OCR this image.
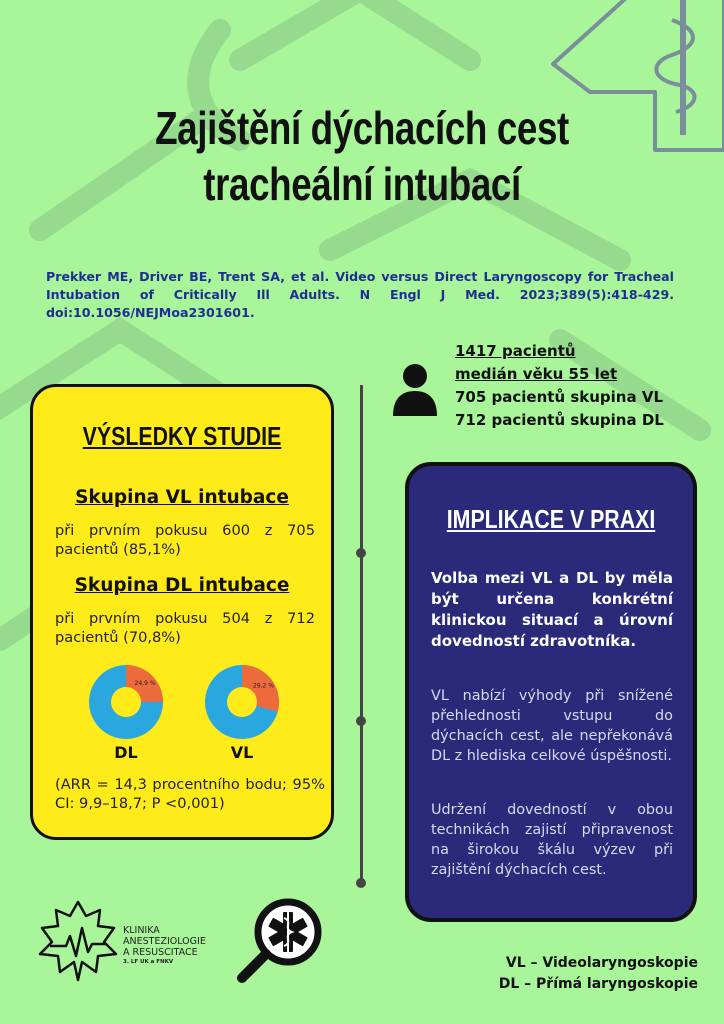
Zajištění dýchacích cest
tracheální intubací
Prekker ME, Driver BE, Trent SA, et al. Video versus Direct Laryngoscopy for Tracheal Intubation of Critically Ill Adults. N Engl J Med. 2023;389(5):418-429. doi:10.1056/NEJMoa2301601.
1417 pacientů
medián věku 55 let
705 pacientů skupina VL
712 pacientů skupina DL
VÝSLEDKY STUDIE
Skupina VL intubace
při prvním pokusu 600 z 705 pacientů (85,1%)
Skupina DL intubace
při prvním pokusu 504 z 712 pacientů (70,8%)
24,9 %	29,2 %
DL	VL
(ARR = 14,3 procentního bodu; 95% CI: 9,9–18,7; P <0,001)
IMPLIKACE V PRAXI
Volba mezi VL a DL by měla být určena konkrétní klinickou situací a úrovní dovedností zdravotníka.
VL nabízí výhody při snížené přehlednosti vstupu do dýchacích cest, ale nepřekonává DL z hlediska celkové úspěšnosti.
Udržení dovedností v obou technikách zajistí připravenost na širokou škálu výzev při zajištění dýchacích cest.
KLINIKA
ANESTEZIOLOGIE
A RESUSCITACE
3. LF UK a FNKV	VL – Videolaryngoskopie
DL – Přímá laryngoskopie
